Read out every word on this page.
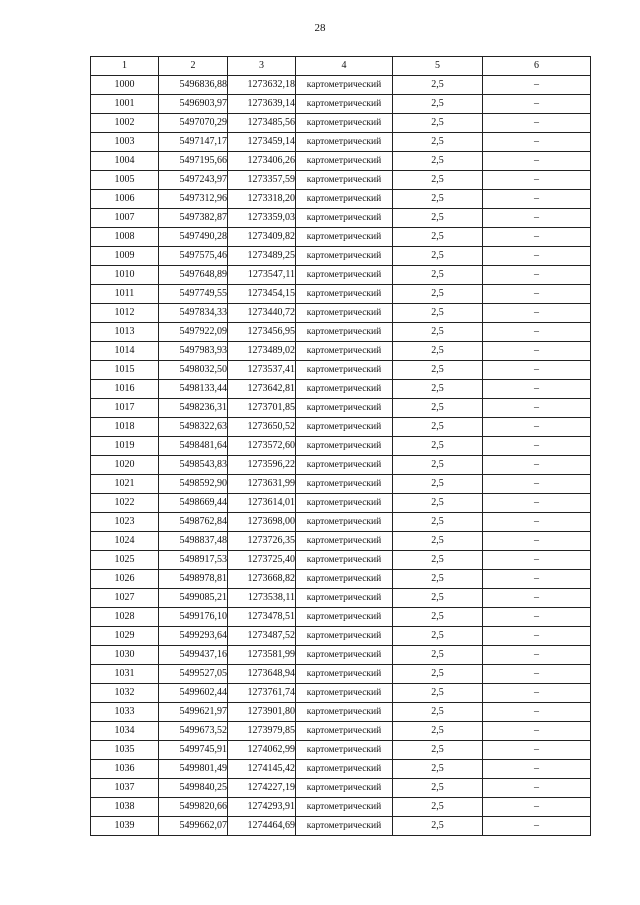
28
1	2	3	4	5	6
1000	5496836,88	1273632,18	картометрический	2,5	–
1001	5496903,97	1273639,14	картометрический	2,5	–
1002	5497070,29	1273485,56	картометрический	2,5	–
1003	5497147,17	1273459,14	картометрический	2,5	–
1004	5497195,66	1273406,26	картометрический	2,5	–
1005	5497243,97	1273357,59	картометрический	2,5	–
1006	5497312,96	1273318,20	картометрический	2,5	–
1007	5497382,87	1273359,03	картометрический	2,5	–
1008	5497490,28	1273409,82	картометрический	2,5	–
1009	5497575,46	1273489,25	картометрический	2,5	–
1010	5497648,89	1273547,11	картометрический	2,5	–
1011	5497749,55	1273454,15	картометрический	2,5	–
1012	5497834,33	1273440,72	картометрический	2,5	–
1013	5497922,09	1273456,95	картометрический	2,5	–
1014	5497983,93	1273489,02	картометрический	2,5	–
1015	5498032,50	1273537,41	картометрический	2,5	–
1016	5498133,44	1273642,81	картометрический	2,5	–
1017	5498236,31	1273701,85	картометрический	2,5	–
1018	5498322,63	1273650,52	картометрический	2,5	–
1019	5498481,64	1273572,60	картометрический	2,5	–
1020	5498543,83	1273596,22	картометрический	2,5	–
1021	5498592,90	1273631,99	картометрический	2,5	–
1022	5498669,44	1273614,01	картометрический	2,5	–
1023	5498762,84	1273698,00	картометрический	2,5	–
1024	5498837,48	1273726,35	картометрический	2,5	–
1025	5498917,53	1273725,40	картометрический	2,5	–
1026	5498978,81	1273668,82	картометрический	2,5	–
1027	5499085,21	1273538,11	картометрический	2,5	–
1028	5499176,10	1273478,51	картометрический	2,5	–
1029	5499293,64	1273487,52	картометрический	2,5	–
1030	5499437,16	1273581,99	картометрический	2,5	–
1031	5499527,05	1273648,94	картометрический	2,5	–
1032	5499602,44	1273761,74	картометрический	2,5	–
1033	5499621,97	1273901,80	картометрический	2,5	–
1034	5499673,52	1273979,85	картометрический	2,5	–
1035	5499745,91	1274062,99	картометрический	2,5	–
1036	5499801,49	1274145,42	картометрический	2,5	–
1037	5499840,25	1274227,19	картометрический	2,5	–
1038	5499820,66	1274293,91	картометрический	2,5	–
1039	5499662,07	1274464,69	картометрический	2,5	–
